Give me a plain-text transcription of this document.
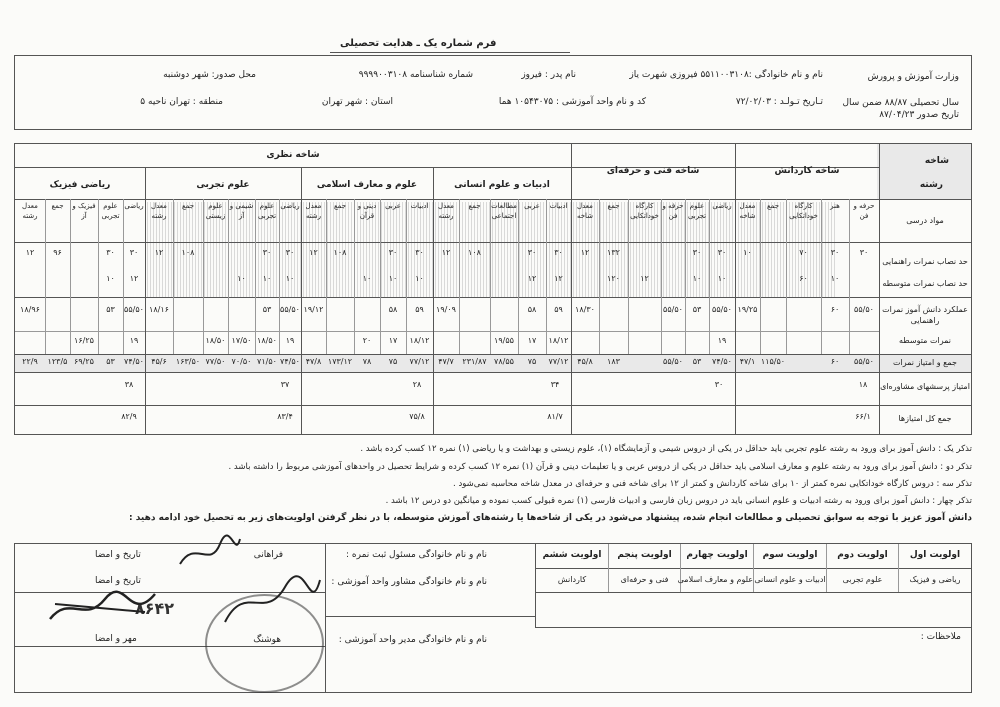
فرم شماره یک ـ هدایت تحصیلی
وزارت آموزش و پرورش
سال تحصیلی ۸۸/۸۷ ضمن سال
تاریخ صدور ۸۷/۰۴/۲۳
نام و نام خانوادگی :۵۵۱۱۰۰۳۱۰۸ فیروزی شهرت یاز
نام پدر : فیروز
شماره شناسنامه ۹۹۹۹۰۰۳۱۰۸
محل صدور: شهر دوشنبه
تـاریخ تـولـد : ۷۲/۰۲/۰۳
کد و نام واحد آموزشی : ۱۰۵۴۳۰۷۵ هما
استان : شهر تهران
منطقه : تهران ناحیه ۵
شاخه
رشته
شاخه کاردانش
شاخه فنی و حرفه‌ای
شاخه نظری
ادبیات و علوم انسانی
علوم و معارف اسلامی
علوم تجربی
ریاضی فیزیک
مواد درسی
حد نصاب نمرات راهنمایی
حد نصاب نمرات متوسطه
عملکرد دانش آموز نمرات راهنمایی
نمرات متوسطه
جمع و امتیاز نمرات
امتیاز پرسشهای مشاوره‌ای
جمع کل امتیازها
حرفه و فن
هنر
کارگاه خوداتکایی
جمع
معدل شاخه
ریاضی
علوم تجربی
حرفه و فن
کارگاه خوداتکایی
جمع
معدل شاخه
ادبیات
عربی
مطالعات اجتماعی
جمع
معدل رشته
ادبیات
عربی
دینی و قرآن
جمع
معدل رشته
ریاضی
علوم تجربی
شیمی و آز
علوم زیستی
جمع
معدل رشته
ریاضی
علوم تجربی
فیزیک و آز
جمع
معدل رشته
۳۰
۳۰
۷۰
۱۰
۳۰
۳۰
۱۳۲
۱۲
۳۰
۳۰
۱۰۸
۱۲
۳۰
۳۰
۱۰۸
۱۲
۳۰
۳۰
۱۰۸
۱۲
۳۰
۳۰
۹۶
۱۲
۱۰
۶۰
۱۰
۱۰
۱۲
۱۲۰
۱۲
۱۲
۱۰
۱۰
۱۰
۱۰
۱۰
۱۰
۱۲
۱۰
۵۵/۵۰
۶۰
۱۹/۲۵
۵۵/۵۰
۵۳
۵۵/۵۰
۱۸/۳۰
۵۹
۵۸
۱۹/۰۹
۵۹
۵۸
۱۹/۱۲
۵۵/۵۰
۵۳
۱۸/۱۶
۵۵/۵۰
۵۳
۱۸/۹۶
۱۹
۱۸/۱۲
۱۷
۱۹/۵۵
۱۸/۱۲
۱۷
۲۰
۱۹
۱۸/۵۰
۱۷/۵۰
۱۸/۵۰
۱۹
۱۶/۲۵
۵۵/۵۰
۶۰
۱۱۵/۵۰
۴۷/۱
۷۴/۵۰
۵۳
۵۵/۵۰
۱۸۳
۴۵/۸
۷۷/۱۲
۷۵
۷۸/۵۵
۲۳۱/۸۷
۴۷/۷
۷۷/۱۲
۷۵
۷۸
۱۷۳/۱۲
۴۷/۸
۷۴/۵۰
۷۱/۵۰
۷۰/۵۰
۷۷/۵۰
۱۶۳/۵۰
۴۵/۶
۷۴/۵۰
۵۳
۶۹/۲۵
۱۲۳/۵
۱۸
۳۰
۳۴
۲۸
۳۷
۳۸
۶۶/۱
۸۱/۷
۷۵/۸
۸۳/۴
۸۲/۹
۲۲/۹
تذکر یک : دانش آموز برای ورود به رشته علوم تجربی باید حداقل در یکی از دروس شیمی و آزمایشگاه (۱)، علوم زیستی و بهداشت و یا ریاضی (۱) نمره ۱۲ کسب کرده باشد .
تذکر دو : دانش آموز برای ورود به رشته علوم و معارف اسلامی باید حداقل در یکی از دروس عربی و یا تعلیمات دینی و قرآن (۱) نمره ۱۲ کسب کرده و شرایط تحصیل در واحدهای آموزشی مربوط را داشته باشد .
تذکر سه : دروس کارگاه خوداتکایی نمره کمتر از ۱۰ برای شاخه کاردانش و کمتر از ۱۲ برای شاخه فنی و حرفه‌ای در معدل شاخه محاسبه نمی‌شود .
تذکر چهار : دانش آموز برای ورود به رشته ادبیات و علوم انسانی باید در دروس زبان فارسی و ادبیات فارسی (۱) نمره قبولی کسب نموده و میانگین دو درس ۱۲ باشد .
دانش آموز عزیز با توجه به سوابق تحصیلی و مطالعات انجام شده، پیشنهاد می‌شود در یکی از شاخه‌ها یا رشته‌های آموزش متوسطه، با در نظر گرفتن اولویت‌های زیر به تحصیل خود ادامه دهید :
اولویت اول
اولویت دوم
اولویت سوم
اولویت چهارم
اولویت پنجم
اولویت ششم
ریاضی و فیزیک
علوم تجربی
ادبیات و علوم انسانی
علوم و معارف اسلامی
فنی و حرفه‌ای
کاردانش
ملاحظات :
نام و نام خانوادگی مسئول ثبت نمره :
فراهانی
نام و نام خانوادگی مشاور واحد آموزشی :
نام و نام خانوادگی مدیر واحد آموزشی :
هوشنگ
تاریخ و امضا
تاریخ و امضا
مهر و امضا
۸۶۴۲
